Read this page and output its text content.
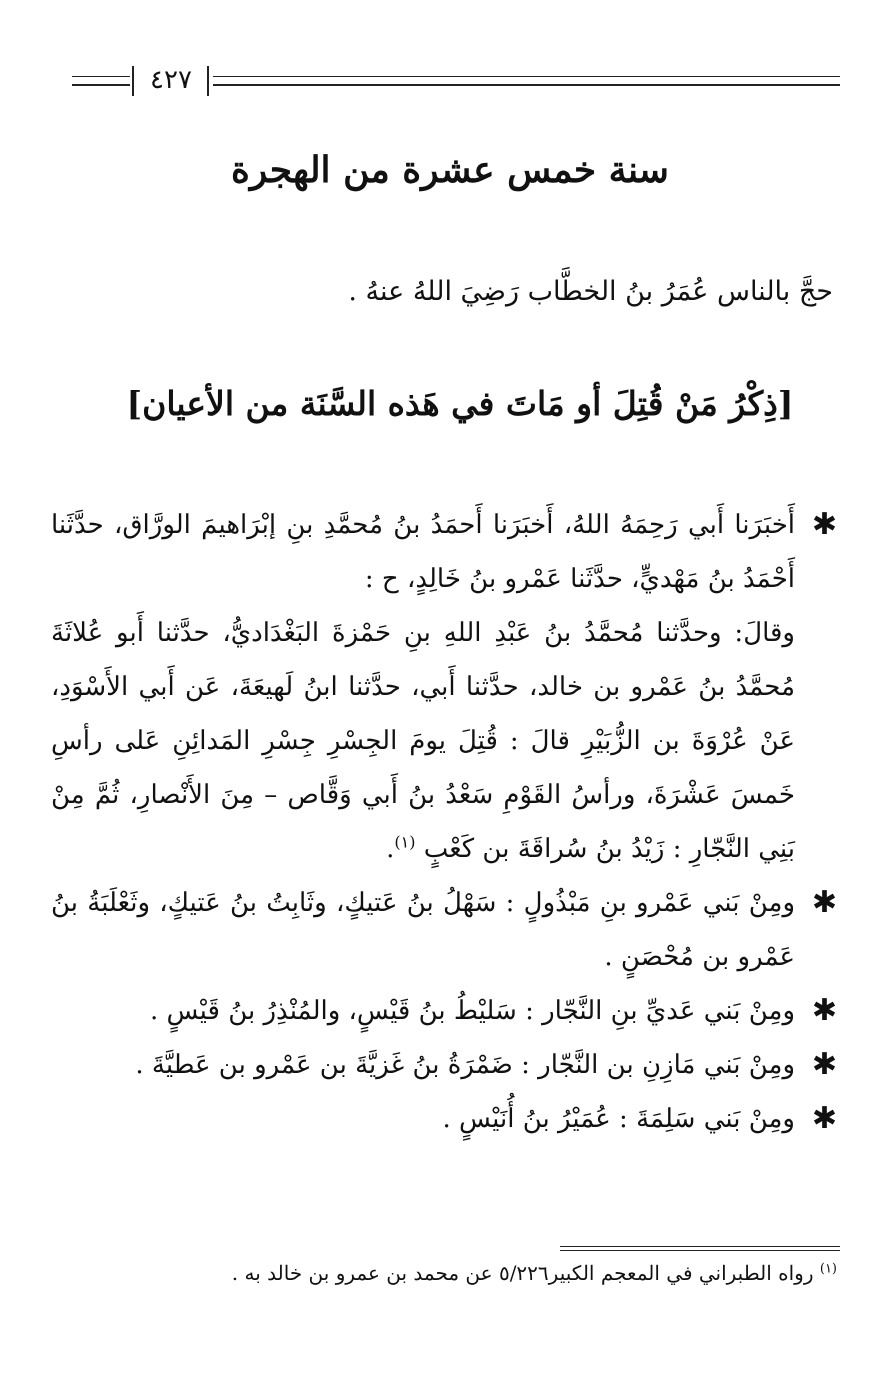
٤٢٧
سنة خمس عشرة من الهجرة
حجَّ بالناس عُمَرُ بنُ الخطَّاب رَضِيَ اللهُ عنهُ .
[ذِكْرُ مَنْ قُتِلَ أو مَاتَ في هَذه السَّنَة من الأعيان]
✱
أَخبَرَنا أَبي رَحِمَهُ اللهُ، أَخبَرَنا أَحمَدُ بنُ مُحمَّدِ بنِ إبْرَاهيمَ الورَّاق، حدَّثَنا أَحْمَدُ بنُ مَهْديٍّ، حدَّثَنا عَمْرو بنُ خَالِدٍ، ح :
وقالَ: وحدَّثنا مُحمَّدُ بنُ عَبْدِ اللهِ بنِ حَمْزةَ البَغْدَاديُّ، حدَّثنا أَبو عُلاثَةَ مُحمَّدُ بنُ عَمْرو بن خالد، حدَّثنا أَبي، حدَّثنا ابنُ لَهيعَةَ، عَن أَبي الأَسْوَدِ، عَنْ عُرْوَةَ بن الزُّبَيْرِ قالَ : قُتِلَ يومَ الجِسْرِ جِسْرِ المَدائِنِ عَلى رأسِ خَمسَ عَشْرَةَ، ورأسُ القَوْمِ سَعْدُ بنُ أَبي وَقَّاص – مِنَ الأَنْصارِ، ثُمَّ مِنْ بَنِي النَّجّارِ : زَيْدُ بنُ سُراقَةَ بن كَعْبٍ $^{(١)}$.
✱
ومِنْ بَني عَمْرو بنِ مَبْذُولٍ : سَهْلُ بنُ عَتيكٍ، وثَابِتُ بنُ عَتيكٍ، وثَعْلَبَةُ بنُ عَمْرو بن مُحْصَنٍ .
✱
ومِنْ بَني عَديِّ بنِ النَّجّار : سَليْطُ بنُ قَيْسٍ، والمُنْذِرُ بنُ قَيْسٍ .
✱
ومِنْ بَني مَازِنِ بن النَّجّار : ضَمْرَةُ بنُ غَزيَّةَ بن عَمْرو بن عَطيَّةَ .
✱
ومِنْ بَني سَلِمَةَ : عُمَيْرُ بنُ أُنَيْسٍ .
$^{(١)}$ رواه الطبراني في المعجم الكبير٥/٢٢٦ عن محمد بن عمرو بن خالد به .
